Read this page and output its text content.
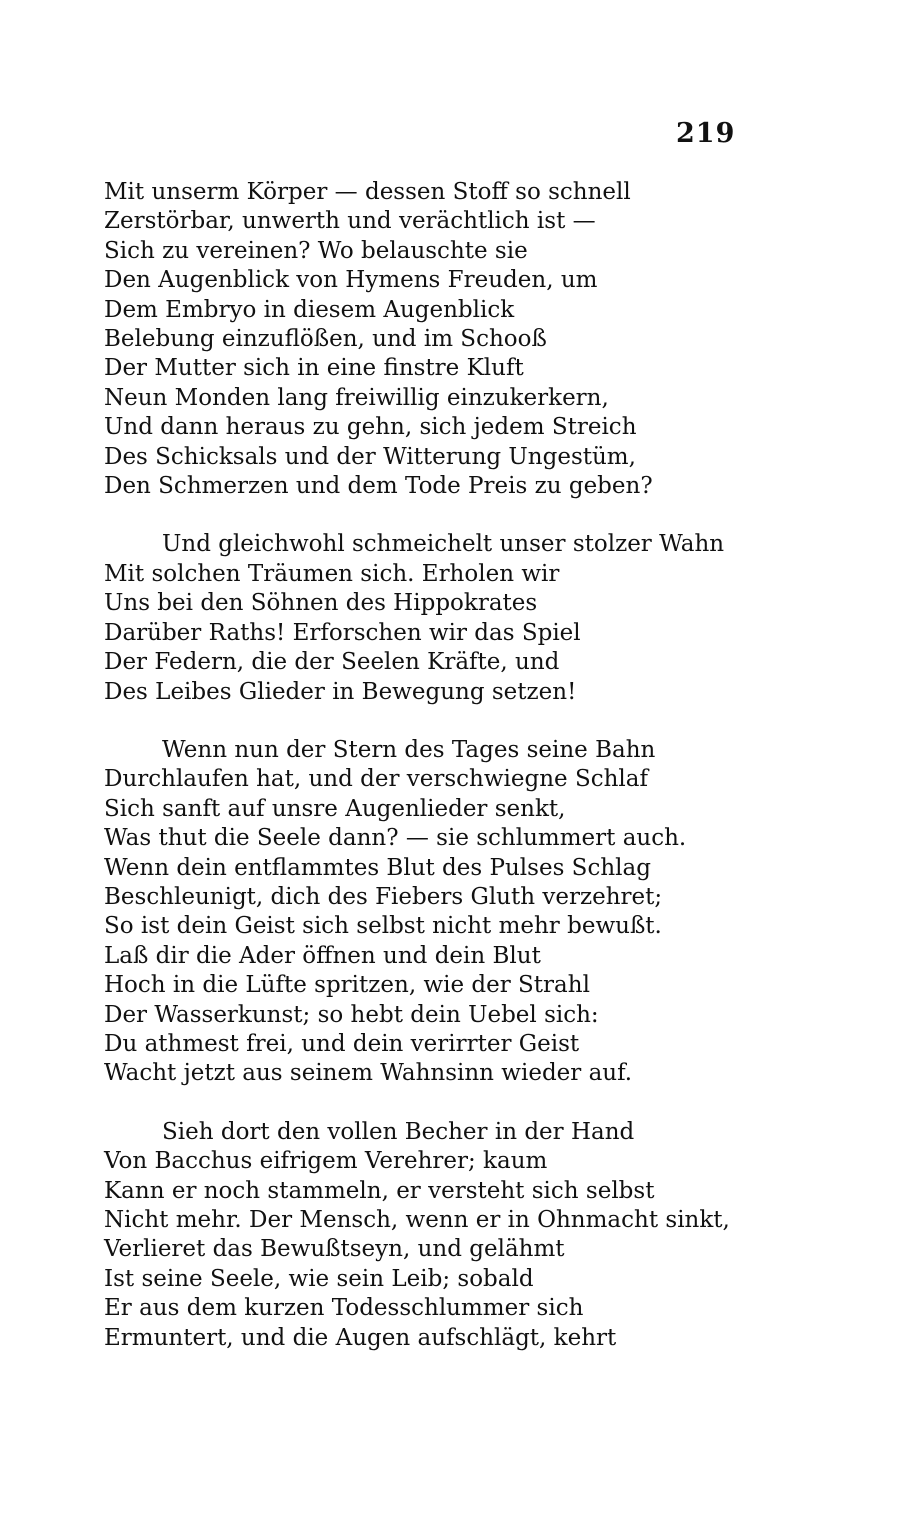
219
Mit unserm Körper — dessen Stoff so schnell
Zerstörbar, unwerth und verächtlich ist —
Sich zu vereinen? Wo belauschte sie
Den Augenblick von Hymens Freuden, um
Dem Embryo in diesem Augenblick
Belebung einzuflößen, und im Schooß
Der Mutter sich in eine finstre Kluft
Neun Monden lang freiwillig einzukerkern,
Und dann heraus zu gehn, sich jedem Streich
Des Schicksals und der Witterung Ungestüm,
Den Schmerzen und dem Tode Preis zu geben?
Und gleichwohl schmeichelt unser stolzer Wahn
Mit solchen Träumen sich. Erholen wir
Uns bei den Söhnen des Hippokrates
Darüber Raths! Erforschen wir das Spiel
Der Federn, die der Seelen Kräfte, und
Des Leibes Glieder in Bewegung setzen!
Wenn nun der Stern des Tages seine Bahn
Durchlaufen hat, und der verschwiegne Schlaf
Sich sanft auf unsre Augenlieder senkt,
Was thut die Seele dann? — sie schlummert auch.
Wenn dein entflammtes Blut des Pulses Schlag
Beschleunigt, dich des Fiebers Gluth verzehret;
So ist dein Geist sich selbst nicht mehr bewußt.
Laß dir die Ader öffnen und dein Blut
Hoch in die Lüfte spritzen, wie der Strahl
Der Wasserkunst; so hebt dein Uebel sich:
Du athmest frei, und dein verirrter Geist
Wacht jetzt aus seinem Wahnsinn wieder auf.
Sieh dort den vollen Becher in der Hand
Von Bacchus eifrigem Verehrer; kaum
Kann er noch stammeln, er versteht sich selbst
Nicht mehr. Der Mensch, wenn er in Ohnmacht sinkt,
Verlieret das Bewußtseyn, und gelähmt
Ist seine Seele, wie sein Leib; sobald
Er aus dem kurzen Todesschlummer sich
Ermuntert, und die Augen aufschlägt, kehrt
